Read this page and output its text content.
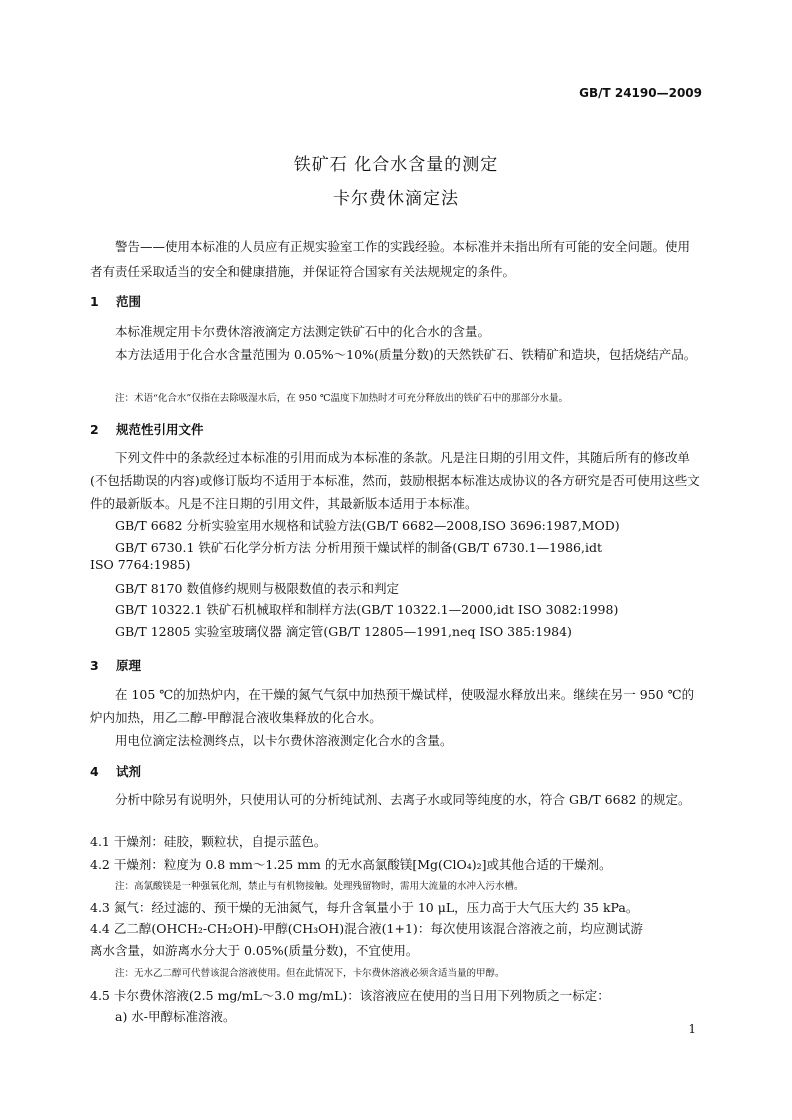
GB/T 24190—2009

铁矿石 化合水含量的测定

卡尔费休滴定法

警告——使用本标准的人员应有正规实验室工作的实践经验。本标准并未指出所有可能的安全问题。使用者有责任采取适当的安全和健康措施，并保证符合国家有关法规规定的条件。

1 范围

本标准规定用卡尔费休溶液滴定方法测定铁矿石中的化合水的含量。

本方法适用于化合水含量范围为 0.05%～10%(质量分数)的天然铁矿石、铁精矿和造块，包括烧结产品。

注：术语“化合水”仅指在去除吸湿水后，在 950 ℃温度下加热时才可充分释放出的铁矿石中的那部分水量。

2 规范性引用文件

下列文件中的条款经过本标准的引用而成为本标准的条款。凡是注日期的引用文件，其随后所有的修改单(不包括勘误的内容)或修订版均不适用于本标准，然而，鼓励根据本标准达成协议的各方研究是否可使用这些文件的最新版本。凡是不注日期的引用文件，其最新版本适用于本标准。

GB/T 6682 分析实验室用水规格和试验方法(GB/T 6682—2008,ISO 3696:1987,MOD)

GB/T 6730.1 铁矿石化学分析方法 分析用预干燥试样的制备(GB/T 6730.1—1986,idt

ISO 7764:1985)

GB/T 8170 数值修约规则与极限数值的表示和判定

GB/T 10322.1 铁矿石机械取样和制样方法(GB/T 10322.1—2000,idt ISO 3082:1998)

GB/T 12805 实验室玻璃仪器 滴定管(GB/T 12805—1991,neq ISO 385:1984)

3 原理

在 105 ℃的加热炉内，在干燥的氮气气氛中加热预干燥试样，使吸湿水释放出来。继续在另一 950 ℃的炉内加热，用乙二醇-甲醇混合液收集释放的化合水。

用电位滴定法检测终点，以卡尔费休溶液测定化合水的含量。

4 试剂

分析中除另有说明外，只使用认可的分析纯试剂、去离子水或同等纯度的水，符合 GB/T 6682 的规定。

4.1 干燥剂：硅胶，颗粒状，自提示蓝色。

4.2 干燥剂：粒度为 0.8 mm～1.25 mm 的无水高氯酸镁[Mg(ClO₄)₂]或其他合适的干燥剂。

注：高氯酸镁是一种强氧化剂，禁止与有机物接触。处理残留物时，需用大流量的水冲入污水槽。

4.3 氮气：经过滤的、预干燥的无油氮气，每升含氧量小于 10 μL，压力高于大气压大约 35 kPa。

4.4 乙二醇(OHCH₂-CH₂OH)-甲醇(CH₃OH)混合液(1+1)：每次使用该混合溶液之前，均应测试游

离水含量，如游离水分大于 0.05%(质量分数)，不宜使用。

注：无水乙二醇可代替该混合溶液使用。但在此情况下，卡尔费休溶液必须含适当量的甲醇。

4.5 卡尔费休溶液(2.5 mg/mL～3.0 mg/mL)：该溶液应在使用的当日用下列物质之一标定：

a) 水-甲醇标准溶液。

1
